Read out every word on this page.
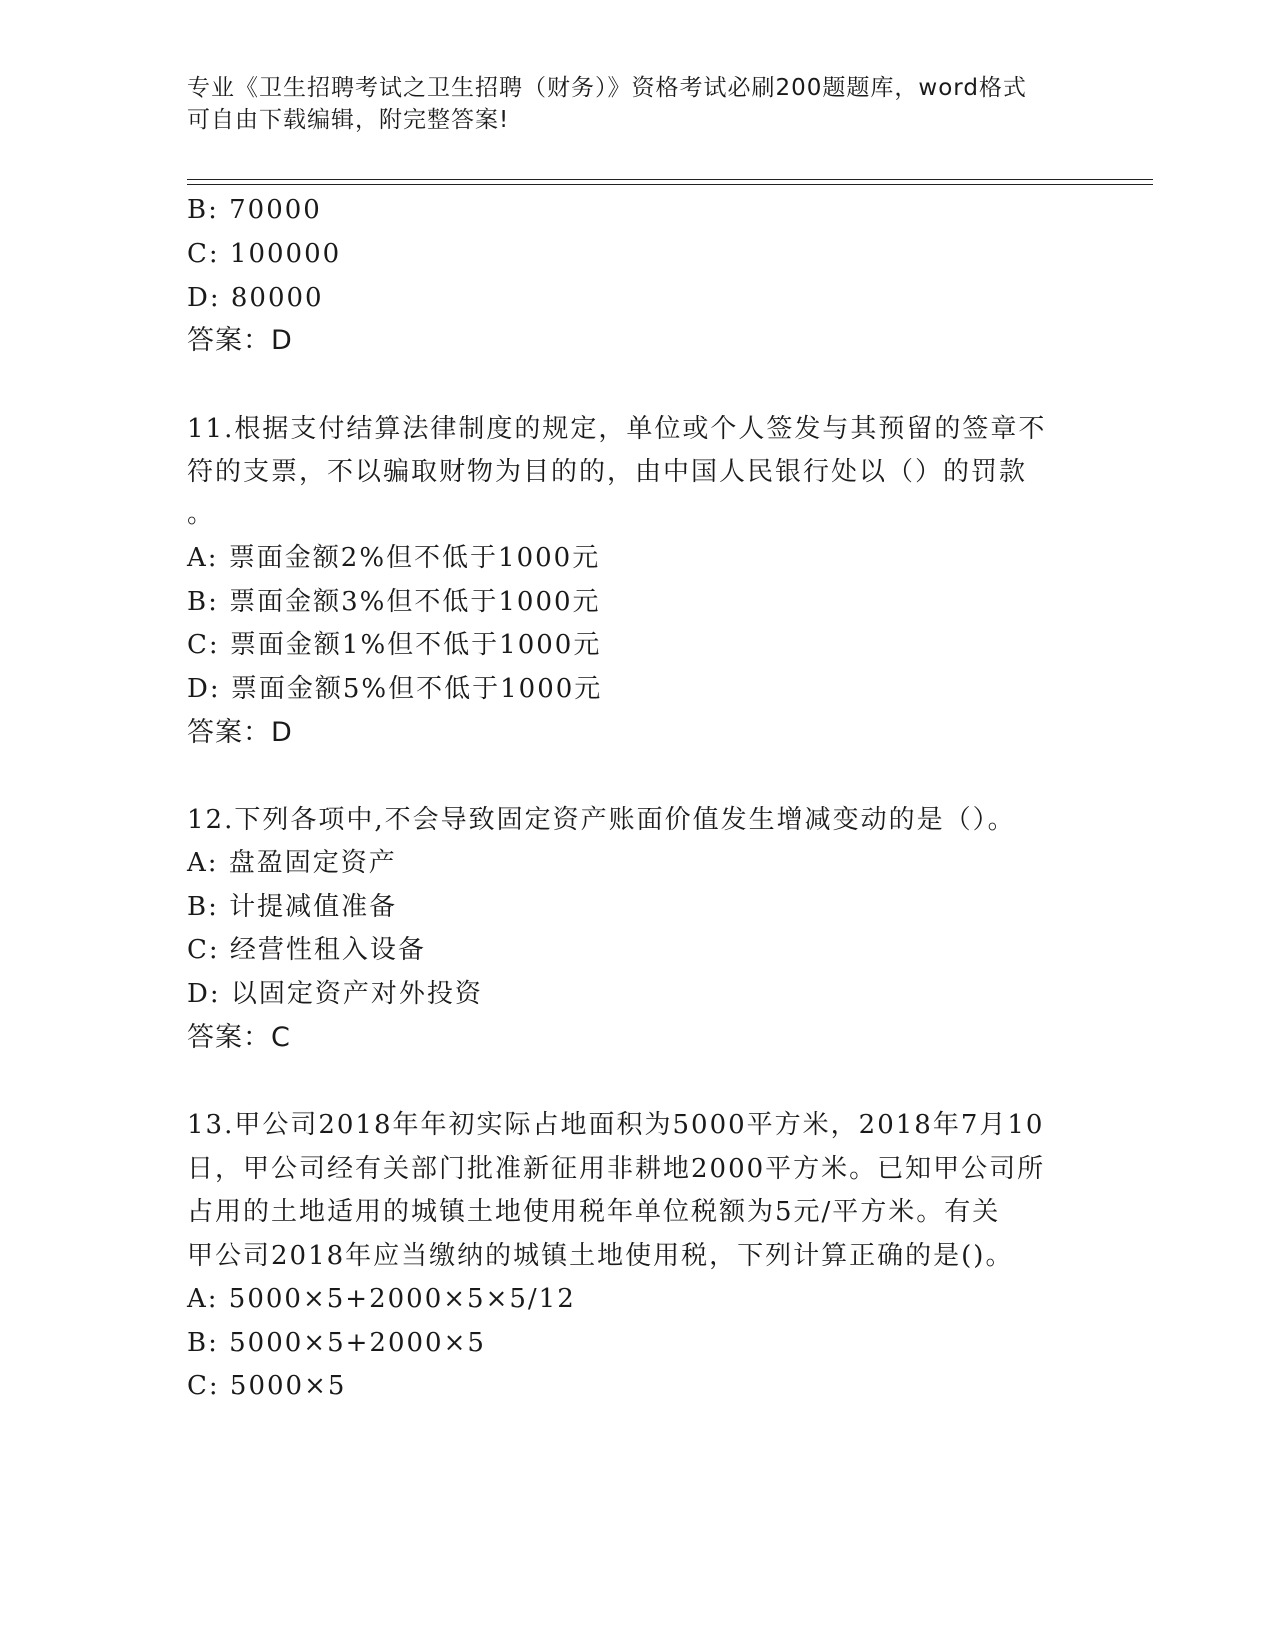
专业《卫生招聘考试之卫生招聘（财务）》资格考试必刷200题题库，word格式
可自由下载编辑，附完整答案!
B: 70000
C: 100000
D: 80000
答案：D
11.根据支付结算法律制度的规定，单位或个人签发与其预留的签章不
符的支票，不以骗取财物为目的的，由中国人民银行处以（）的罚款
。
A: 票面金额2%但不低于1000元
B: 票面金额3%但不低于1000元
C: 票面金额1%但不低于1000元
D: 票面金额5%但不低于1000元
答案：D
12.下列各项中,不会导致固定资产账面价值发生增减变动的是（）。
A: 盘盈固定资产
B: 计提减值准备
C: 经营性租入设备
D: 以固定资产对外投资
答案：C
13.甲公司2018年年初实际占地面积为5000平方米，2018年7月10
日，甲公司经有关部门批准新征用非耕地2000平方米。已知甲公司所
占用的土地适用的城镇土地使用税年单位税额为5元/平方米。有关
甲公司2018年应当缴纳的城镇土地使用税，下列计算正确的是()。
A: 5000×5+2000×5×5/12
B: 5000×5+2000×5
C: 5000×5
